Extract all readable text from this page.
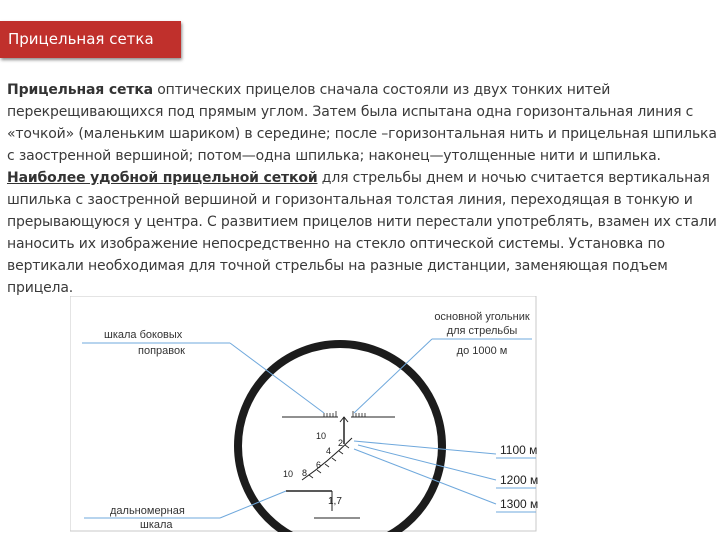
Прицельная сетка
Прицельная сетка оптических прицелов сначала состояли из двух тонких нитей перекрещивающихся под прямым углом. Затем была испытана одна горизонтальная линия с «точкой» (маленьким шариком) в середине; после –горизонтальная нить и прицельная шпилька с заостренной вершиной; потом—одна шпилька; наконец—утолщенные нити и шпилька. Наиболее удобной прицельной сеткой для стрельбы днем и ночью считается вертикальная шпилька с заостренной вершиной и горизонтальная толстая линия, переходящая в тонкую и прерывающуюся у центра. С развитием прицелов нити перестали употреблять, взамен их стали наносить их изображение непосредственно на стекло оптической системы. Установка по вертикали необходимая для точной стрельбы на разные дистанции, заменяющая подъем прицела.
10
2
4
6
8
10
1,7
шкала боковых
поправок
дальномерная
шкала
основной угольник
для стрельбы
до 1000 м
1100 м
1200 м
1300 м
